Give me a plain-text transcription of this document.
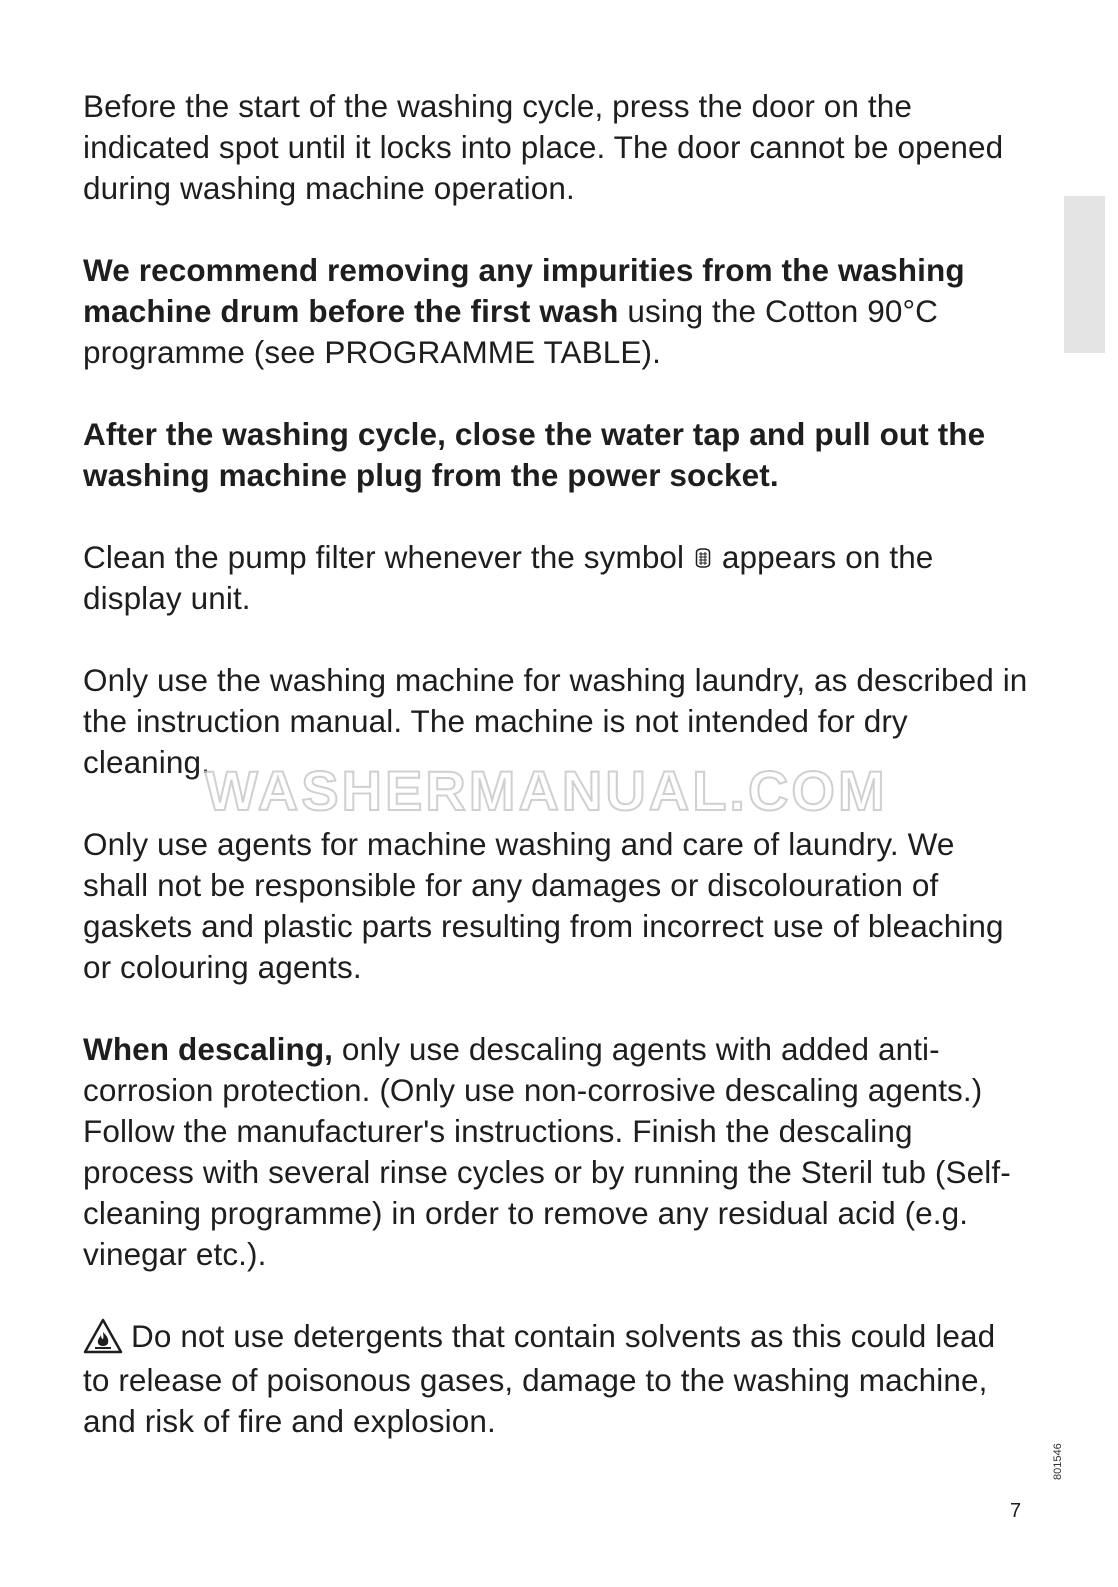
Before the start of the washing cycle, press the door on the indicated spot until it locks into place. The door cannot be opened during washing machine operation.

We recommend removing any impurities from the washing machine drum before the first wash using the Cotton 90°C programme (see PROGRAMME TABLE).

After the washing cycle, close the water tap and pull out the washing machine plug from the power socket.

Clean the pump filter whenever the symbol  appears on the display unit.

Only use the washing machine for washing laundry, as described in the instruction manual. The machine is not intended for dry cleaning.

Only use agents for machine washing and care of laundry. We shall not be responsible for any damages or discolouration of gaskets and plastic parts resulting from incorrect use of bleaching or colouring agents.

When descaling, only use descaling agents with added anti-corrosion protection. (Only use non-corrosive descaling agents.) Follow the manufacturer's instructions. Finish the descaling process with several rinse cycles or by running the Steril tub (Self-cleaning programme) in order to remove any residual acid (e.g. vinegar etc.).

Do not use detergents that contain solvents as this could lead to release of poisonous gases, damage to the washing machine, and risk of fire and explosion.

WASHERMANUAL.COM
7
801546
